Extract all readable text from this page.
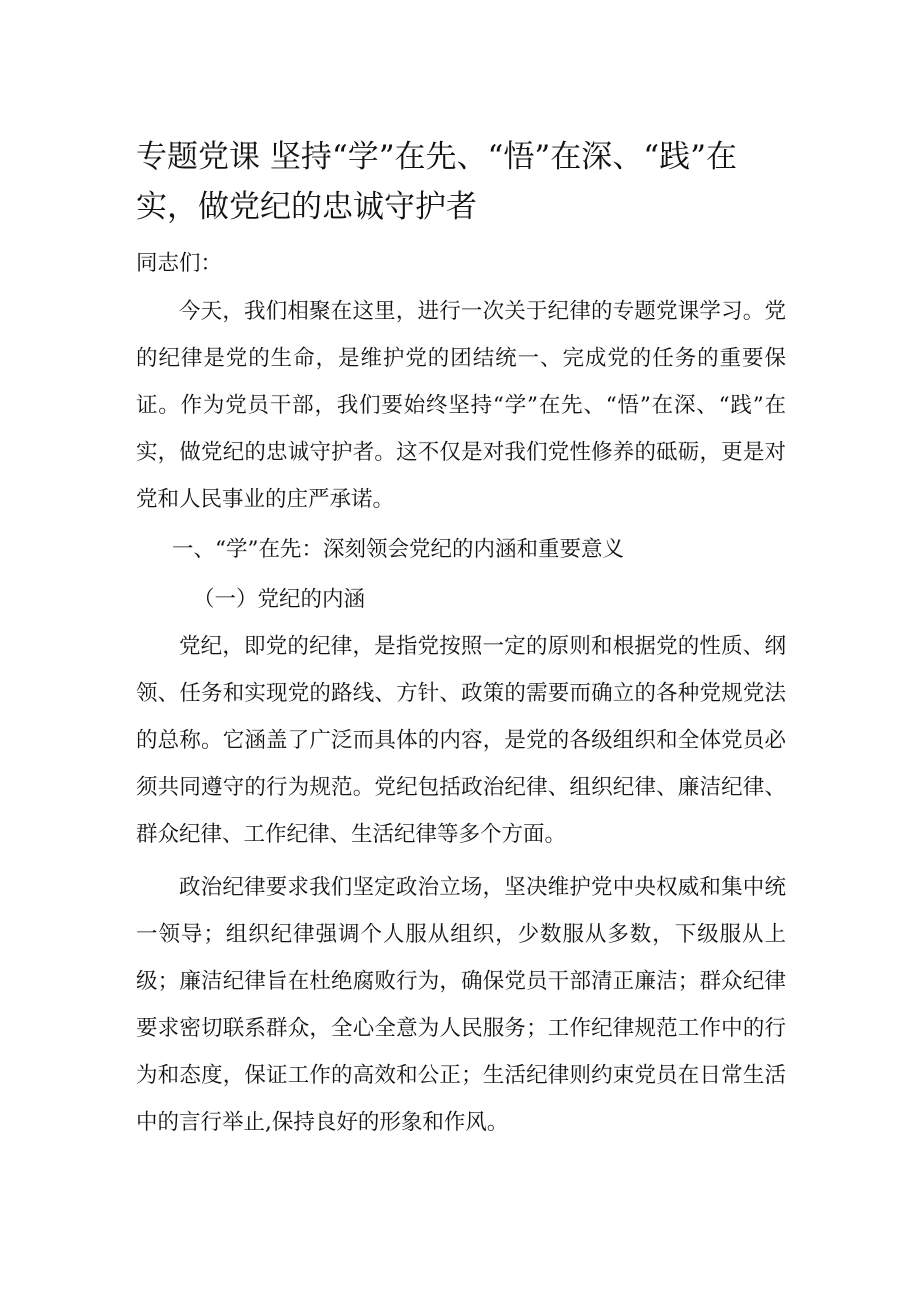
专题党课 坚持“学”在先、“悟”在深、“践”在实，做党纪的忠诚守护者

同志们：

今天，我们相聚在这里，进行一次关于纪律的专题党课学习。党的纪律是党的生命，是维护党的团结统一、完成党的任务的重要保证。作为党员干部，我们要始终坚持“学”在先、“悟”在深、“践”在实，做党纪的忠诚守护者。这不仅是对我们党性修养的砥砺，更是对党和人民事业的庄严承诺。

一、“学”在先：深刻领会党纪的内涵和重要意义

（一）党纪的内涵

党纪，即党的纪律，是指党按照一定的原则和根据党的性质、纲领、任务和实现党的路线、方针、政策的需要而确立的各种党规党法的总称。它涵盖了广泛而具体的内容，是党的各级组织和全体党员必须共同遵守的行为规范。党纪包括政治纪律、组织纪律、廉洁纪律、群众纪律、工作纪律、生活纪律等多个方面。

政治纪律要求我们坚定政治立场，坚决维护党中央权威和集中统一领导；组织纪律强调个人服从组织，少数服从多数，下级服从上级；廉洁纪律旨在杜绝腐败行为，确保党员干部清正廉洁；群众纪律要求密切联系群众，全心全意为人民服务；工作纪律规范工作中的行为和态度，保证工作的高效和公正；生活纪律则约束党员在日常生活中的言行举止,保持良好的形象和作风。
